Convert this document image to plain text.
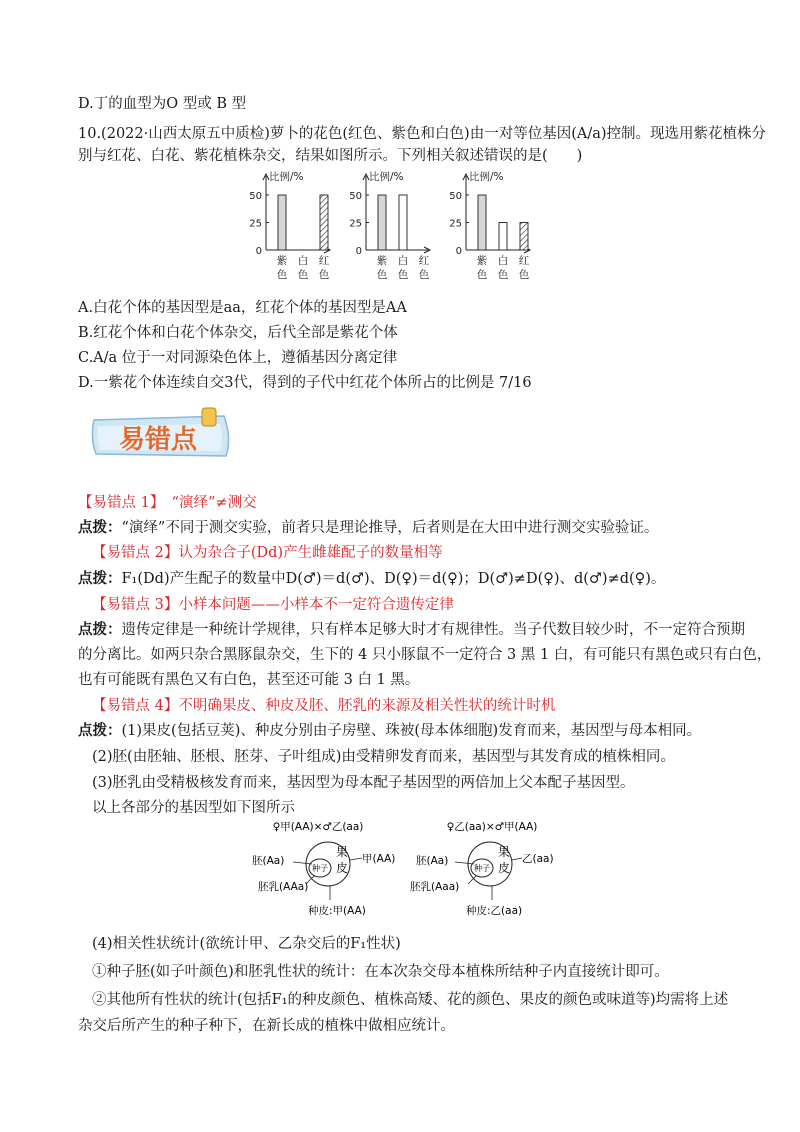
D.丁的血型为O 型或 B 型
10.(2022·山西太原五中质检)萝卜的花色(红色、紫色和白色)由一对等位基因(A/a)控制。现选用紫花植株分
别与红花、白花、紫花植株杂交，结果如图所示。下列相关叙述错误的是(　　)
比例/%
0
25
50
紫
色
白
色
红
色
比例/%
0
25
50
紫
色
白
色
红
色
比例/%
0
25
50
紫
色
白
色
红
色
A.白花个体的基因型是aa，红花个体的基因型是AA
B.红花个体和白花个体杂交，后代全部是紫花个体
C.A/a 位于一对同源染色体上，遵循基因分离定律
D.一紫花个体连续自交3代，得到的子代中红花个体所占的比例是 7/16
易错点
【易错点 1】　“演绎”≠测交
点拨：“演绎”不同于测交实验，前者只是理论推导，后者则是在大田中进行测交实验验证。
【易错点 2】认为杂合子(Dd)产生雌雄配子的数量相等
点拨：F₁(Dd)产生配子的数量中D(♂)＝d(♂)、D(♀)＝d(♀)；D(♂)≠D(♀)、d(♂)≠d(♀)。
【易错点 3】小样本问题——小样本不一定符合遗传定律
点拨：遗传定律是一种统计学规律，只有样本足够大时才有规律性。当子代数目较少时，不一定符合预期
的分离比。如两只杂合黑豚鼠杂交，生下的 4 只小豚鼠不一定符合 3 黑 1 白，有可能只有黑色或只有白色，
也有可能既有黑色又有白色，甚至还可能 3 白 1 黑。
【易错点 4】不明确果皮、种皮及胚、胚乳的来源及相关性状的统计时机
点拨：(1)果皮(包括豆荚)、种皮分别由子房壁、珠被(母本体细胞)发育而来，基因型与母本相同。
(2)胚(由胚轴、胚根、胚芽、子叶组成)由受精卵发育而来，基因型与其发育成的植株相同。
(3)胚乳由受精极核发育而来，基因型为母本配子基因型的两倍加上父本配子基因型。
以上各部分的基因型如下图所示
♀甲(AA)×♂乙(aa)
种子
果
皮
胚(Aa)	甲(AA)
胚乳(AAa)
种皮:甲(AA)
♀乙(aa)×♂甲(AA)
种子
果
皮
胚(Aa)	乙(aa)
胚乳(Aaa)
种皮:乙(aa)
(4)相关性状统计(欲统计甲、乙杂交后的F₁性状)
①种子胚(如子叶颜色)和胚乳性状的统计：在本次杂交母本植株所结种子内直接统计即可。
②其他所有性状的统计(包括F₁的种皮颜色、植株高矮、花的颜色、果皮的颜色或味道等)均需将上述
杂交后所产生的种子种下，在新长成的植株中做相应统计。
